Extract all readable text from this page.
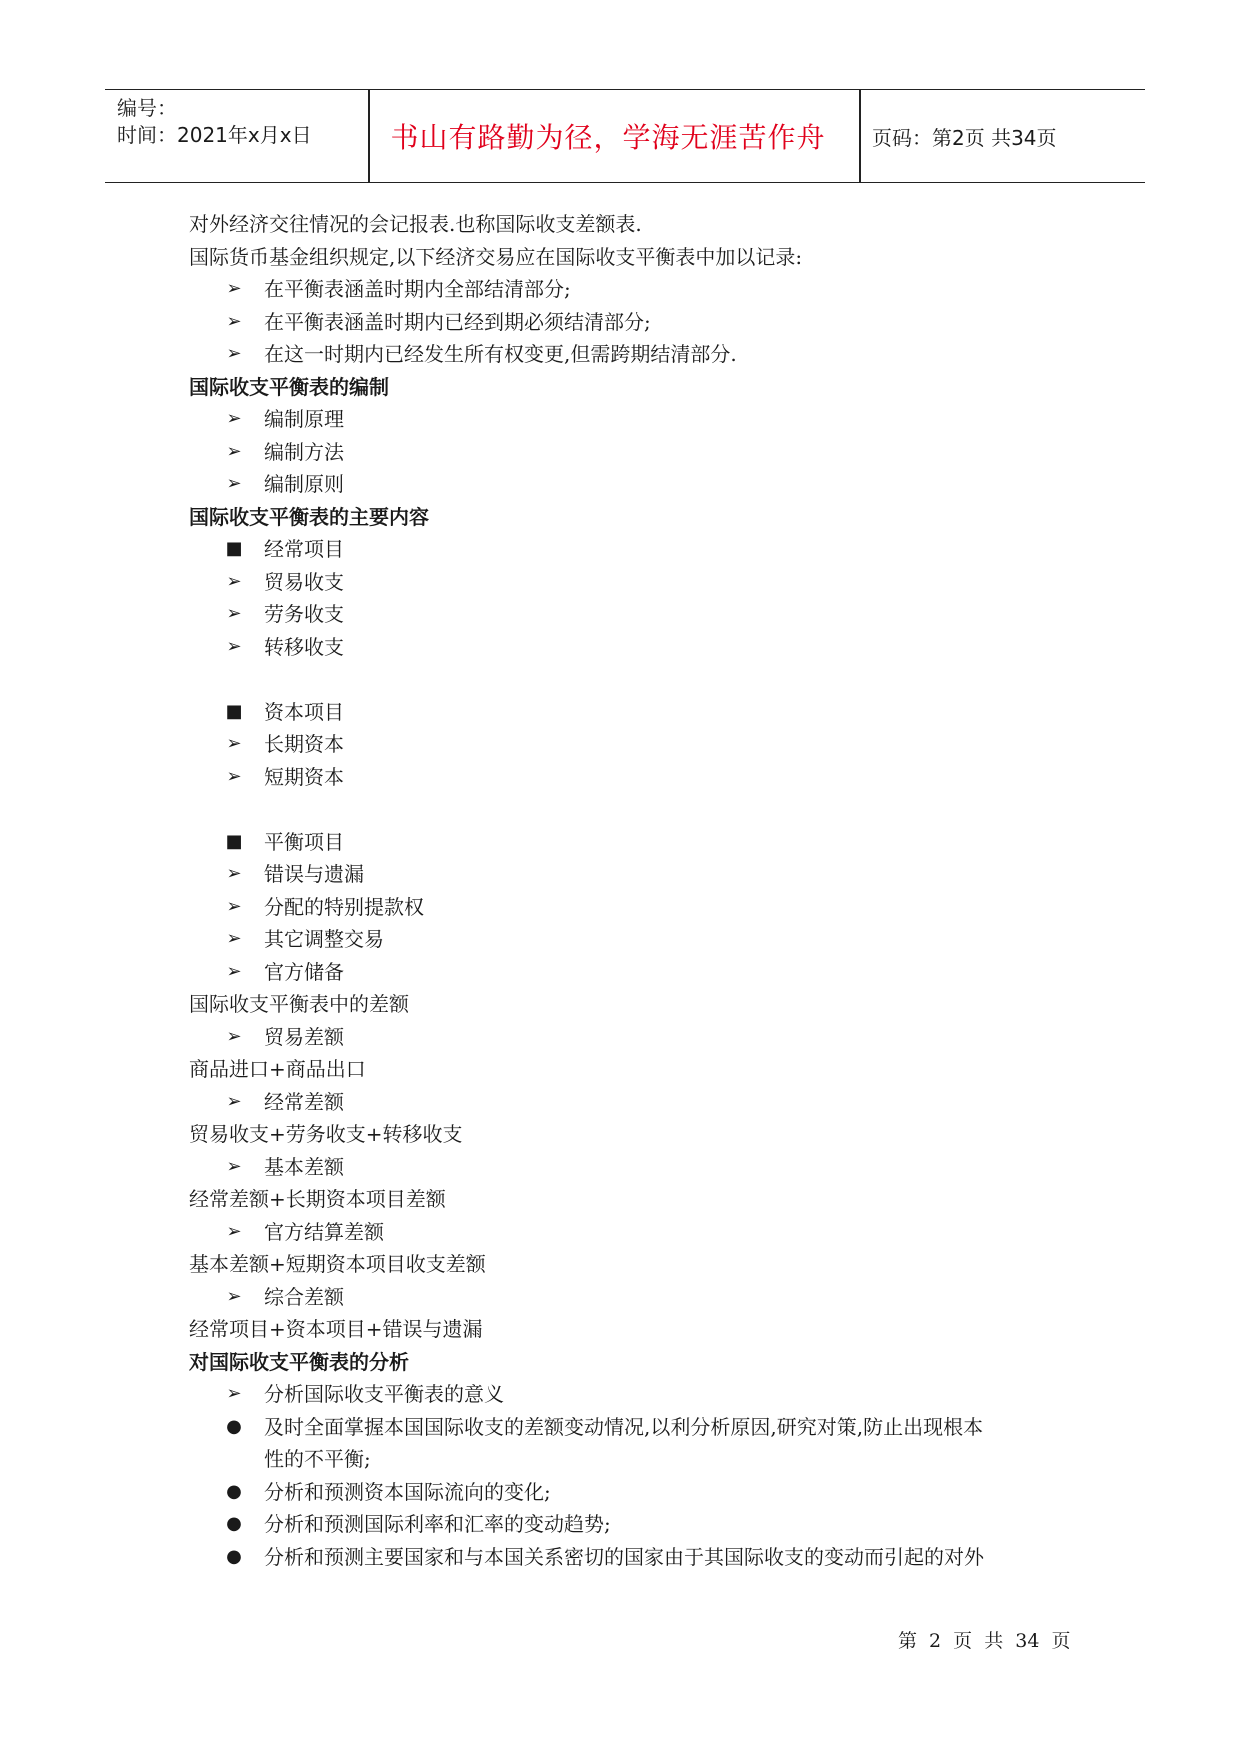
编号：
时间：2021年x月x日	书山有路勤为径，学海无涯苦作舟	页码：第2页 共34页
对外经济交往情况的会记报表.也称国际收支差额表.
国际货币基金组织规定,以下经济交易应在国际收支平衡表中加以记录:
➢ 在平衡表涵盖时期内全部结清部分;
➢ 在平衡表涵盖时期内已经到期必须结清部分;
➢ 在这一时期内已经发生所有权变更,但需跨期结清部分.
国际收支平衡表的编制
➢ 编制原理
➢ 编制方法
➢ 编制原则
国际收支平衡表的主要内容
■ 经常项目
➢ 贸易收支
➢ 劳务收支
➢ 转移收支
■ 资本项目
➢ 长期资本
➢ 短期资本
■ 平衡项目
➢ 错误与遗漏
➢ 分配的特别提款权
➢ 其它调整交易
➢ 官方储备
国际收支平衡表中的差额
➢ 贸易差额
商品进口+商品出口
➢ 经常差额
贸易收支+劳务收支+转移收支
➢ 基本差额
经常差额+长期资本项目差额
➢ 官方结算差额
基本差额+短期资本项目收支差额
➢ 综合差额
经常项目+资本项目+错误与遗漏
对国际收支平衡表的分析
➢ 分析国际收支平衡表的意义
● 及时全面掌握本国国际收支的差额变动情况,以利分析原因,研究对策,防止出现根本
性的不平衡;
● 分析和预测资本国际流向的变化;
● 分析和预测国际利率和汇率的变动趋势;
● 分析和预测主要国家和与本国关系密切的国家由于其国际收支的变动而引起的对外
第 2 页 共 34 页
